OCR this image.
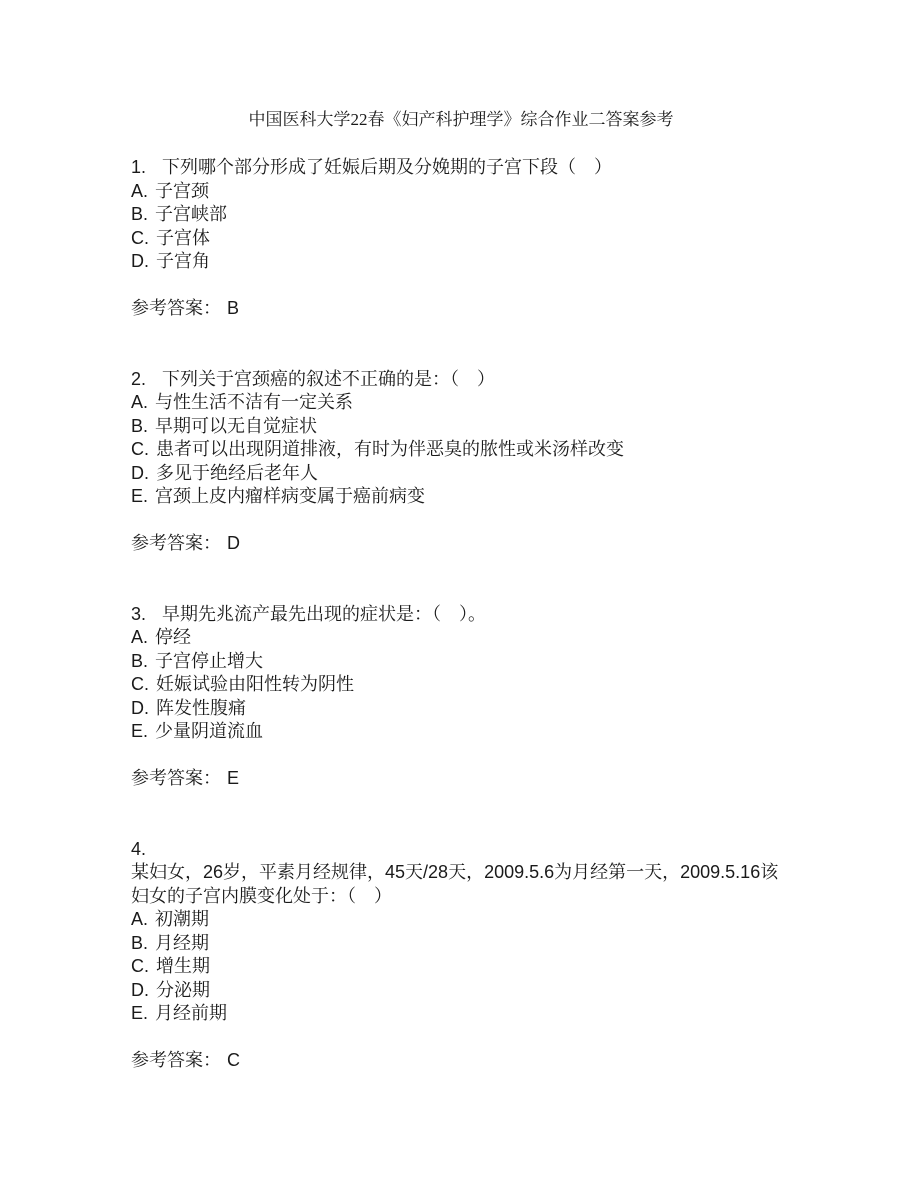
中国医科大学22春《妇产科护理学》综合作业二答案参考
1. 下列哪个部分形成了妊娠后期及分娩期的子宫下段（　）
A. 子宫颈
B. 子宫峡部
C. 子宫体
D. 子宫角
参考答案： B
2. 下列关于宫颈癌的叙述不正确的是：（　）
A. 与性生活不洁有一定关系
B. 早期可以无自觉症状
C. 患者可以出现阴道排液，有时为伴恶臭的脓性或米汤样改变
D. 多见于绝经后老年人
E. 宫颈上皮内瘤样病变属于癌前病变
参考答案： D
3. 早期先兆流产最先出现的症状是：（　）。
A. 停经
B. 子宫停止增大
C. 妊娠试验由阳性转为阴性
D. 阵发性腹痛
E. 少量阴道流血
参考答案： E
4.
某妇女，26岁，平素月经规律，45天/28天，2009.5.6为月经第一天，2009.5.16该妇女的子宫内膜变化处于：（　）
A. 初潮期
B. 月经期
C. 增生期
D. 分泌期
E. 月经前期
参考答案： C
